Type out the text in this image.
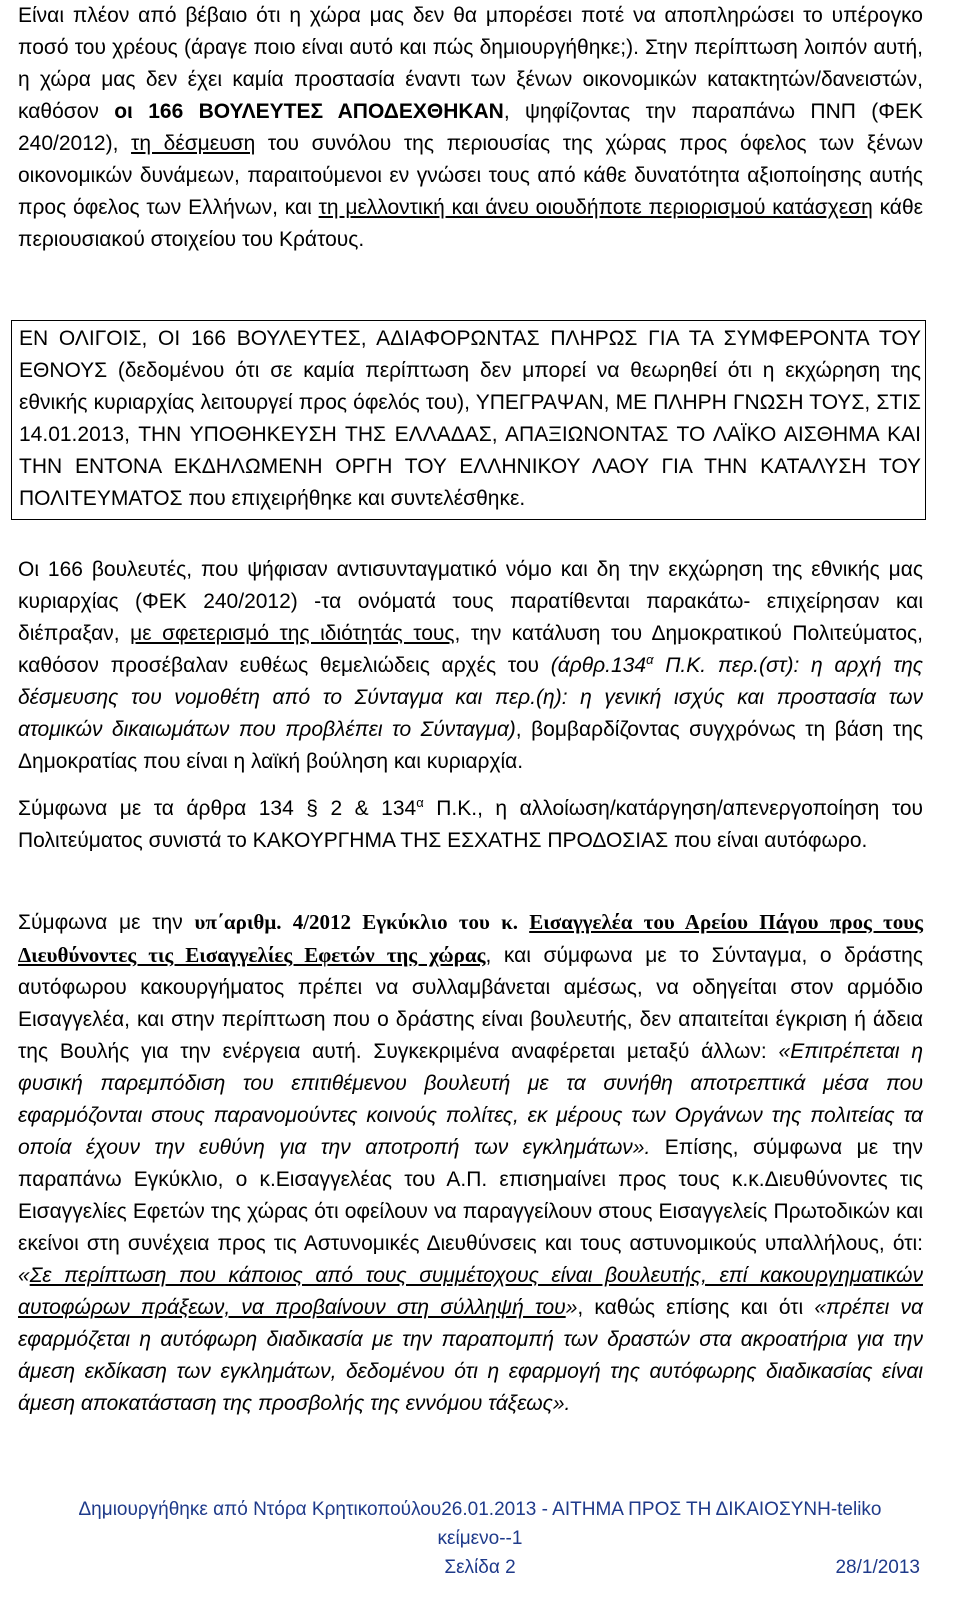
Είναι πλέον από βέβαιο ότι η χώρα μας δεν θα μπορέσει ποτέ να αποπληρώσει το υπέρογκο ποσό του χρέους (άραγε ποιο είναι αυτό και πώς δημιουργήθηκε;). Στην περίπτωση λοιπόν αυτή, η χώρα μας δεν έχει καμία προστασία έναντι των ξένων οικονομικών κατακτητών/δανειστών, καθόσον οι 166 ΒΟΥΛΕΥΤΕΣ ΑΠΟΔΕΧΘΗΚΑΝ, ψηφίζοντας την παραπάνω ΠΝΠ (ΦΕΚ 240/2012), τη δέσμευση του συνόλου της περιουσίας της χώρας προς όφελος των ξένων οικονομικών δυνάμεων, παραιτούμενοι εν γνώσει τους από κάθε δυνατότητα αξιοποίησης αυτής προς όφελος των Ελλήνων, και τη μελλοντική και άνευ οιουδήποτε περιορισμού κατάσχεση κάθε περιουσιακού στοιχείου του Κράτους.

ΕΝ ΟΛΙΓΟΙΣ, ΟΙ 166 ΒΟΥΛΕΥΤΕΣ, ΑΔΙΑΦΟΡΩΝΤΑΣ ΠΛΗΡΩΣ ΓΙΑ ΤΑ ΣΥΜΦΕΡΟΝΤΑ ΤΟΥ ΕΘΝΟΥΣ (δεδομένου ότι σε καμία περίπτωση δεν μπορεί να θεωρηθεί ότι η εκχώρηση της εθνικής κυριαρχίας λειτουργεί προς όφελός του), ΥΠΕΓΡΑΨΑΝ, ΜΕ ΠΛΗΡΗ ΓΝΩΣΗ ΤΟΥΣ, ΣΤΙΣ 14.01.2013, ΤΗΝ ΥΠΟΘΗΚΕΥΣΗ ΤΗΣ ΕΛΛΑΔΑΣ, ΑΠΑΞΙΩΝΟΝΤΑΣ ΤΟ ΛΑΪΚΟ ΑΙΣΘΗΜΑ ΚΑΙ ΤΗΝ ΕΝΤΟΝΑ ΕΚΔΗΛΩΜΕΝΗ ΟΡΓΗ ΤΟΥ ΕΛΛΗΝΙΚΟΥ ΛΑΟΥ ΓΙΑ ΤΗΝ ΚΑΤΑΛΥΣΗ ΤΟΥ ΠΟΛΙΤΕΥΜΑΤΟΣ που επιχειρήθηκε και συντελέσθηκε.

Οι 166 βουλευτές, που ψήφισαν αντισυνταγματικό νόμο και δη την εκχώρηση της εθνικής μας κυριαρχίας (ΦΕΚ 240/2012) -τα ονόματά τους παρατίθενται παρακάτω- επιχείρησαν και διέπραξαν, με σφετερισμό της ιδιότητάς τους, την κατάλυση του Δημοκρατικού Πολιτεύματος, καθόσον προσέβαλαν ευθέως θεμελιώδεις αρχές του ($ά\rho\theta\rho.134^\alpha$ Π.Κ. περ.(στ): η αρχή της δέσμευσης του νομοθέτη από το Σύνταγμα και περ.(η): η γενική ισχύς και προστασία των ατομικών δικαιωμάτων που προβλέπει το Σύνταγμα), βομβαρδίζοντας συγχρόνως τη βάση της Δημοκρατίας που είναι η λαϊκή βούληση και κυριαρχία.

Σύμφωνα με τα άρθρα 134 § 2 & $134^\alpha$ Π.Κ., η αλλοίωση/κατάργηση/απενεργοποίηση του Πολιτεύματος συνιστά το ΚΑΚΟΥΡΓΗΜΑ ΤΗΣ ΕΣΧΑΤΗΣ ΠΡΟΔΟΣΙΑΣ που είναι αυτόφωρο.

Σύμφωνα με την υπ΄αριθμ. 4/2012 Εγκύκλιο του κ. Εισαγγελέα του Αρείου Πάγου προς τους Διευθύνοντες τις Εισαγγελίες Εφετών της χώρας, και σύμφωνα με το Σύνταγμα, ο δράστης αυτόφωρου κακουργήματος πρέπει να συλλαμβάνεται αμέσως, να οδηγείται στον αρμόδιο Εισαγγελέα, και στην περίπτωση που ο δράστης είναι βουλευτής, δεν απαιτείται έγκριση ή άδεια της Βουλής για την ενέργεια αυτή. Συγκεκριμένα αναφέρεται μεταξύ άλλων: «Επιτρέπεται η φυσική παρεμπόδιση του επιτιθέμενου βουλευτή με τα συνήθη αποτρεπτικά μέσα που εφαρμόζονται στους παρανομούντες κοινούς πολίτες, εκ μέρους των Οργάνων της πολιτείας τα οποία έχουν την ευθύνη για την αποτροπή των εγκλημάτων». Επίσης, σύμφωνα με την παραπάνω Εγκύκλιο, ο κ.Εισαγγελέας του Α.Π. επισημαίνει προς τους κ.κ.Διευθύνοντες τις Εισαγγελίες Εφετών της χώρας ότι οφείλουν να παραγγείλουν στους Εισαγγελείς Πρωτοδικών και εκείνοι στη συνέχεια προς τις Αστυνομικές Διευθύνσεις και τους αστυνομικούς υπαλλήλους, ότι: «Σε περίπτωση που κάποιος από τους συμμέτοχους είναι βουλευτής, επί κακουργηματικών αυτοφώρων πράξεων, να προβαίνουν στη σύλληψή του», καθώς επίσης και ότι «πρέπει να εφαρμόζεται η αυτόφωρη διαδικασία με την παραπομπή των δραστών στα ακροατήρια για την άμεση εκδίκαση των εγκλημάτων, δεδομένου ότι η εφαρμογή της αυτόφωρης διαδικασίας είναι άμεση αποκατάσταση της προσβολής της εννόμου τάξεως».

Δημιουργήθηκε από Ντόρα Κρητικοπούλου26.01.2013 - ΑΙΤΗΜΑ ΠΡΟΣ ΤΗ ΔΙΚΑΙΟΣΥΝΗ-teliko
κείμενο--1
Σελίδα 2	28/1/2013
